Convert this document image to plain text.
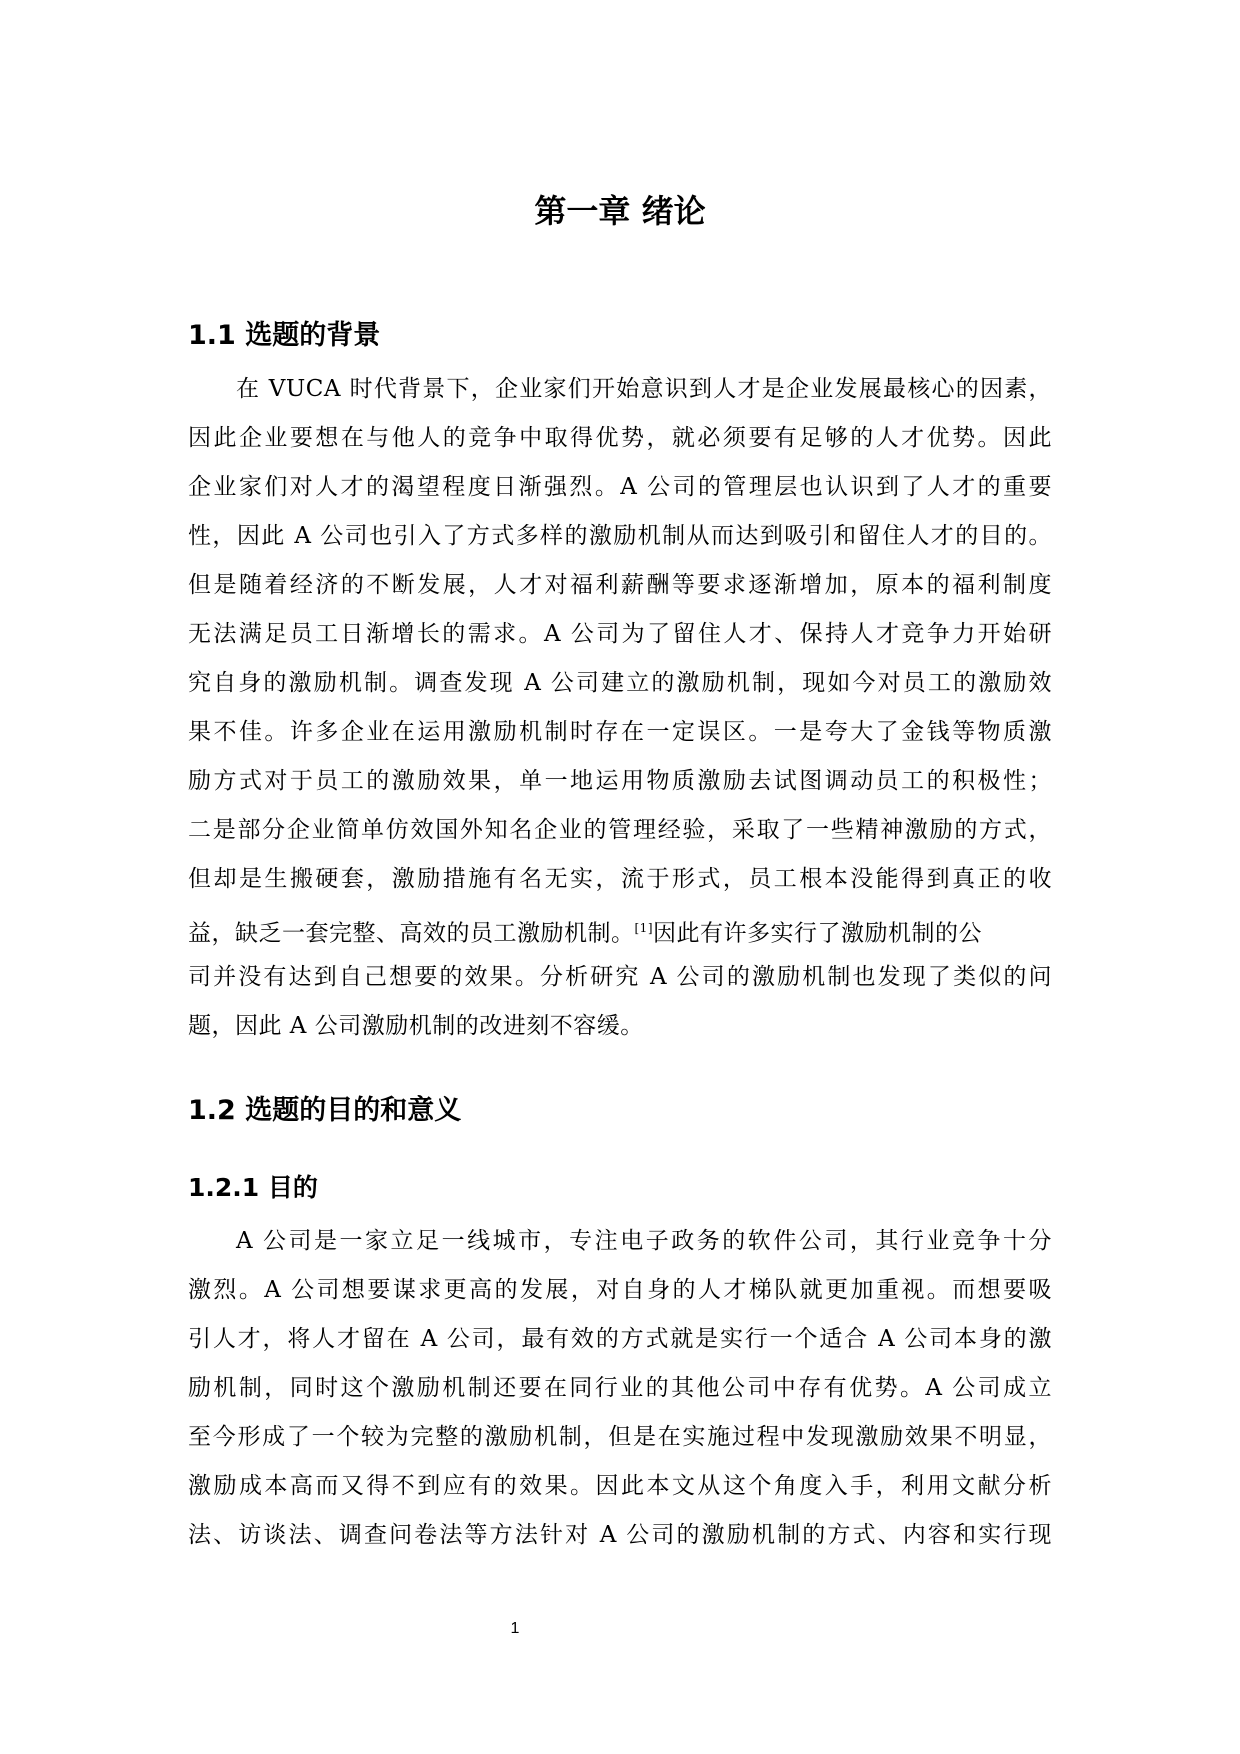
第一章 绪论
1.1 选题的背景
在 VUCA 时代背景下，企业家们开始意识到人才是企业发展最核心的因素，
因此企业要想在与他人的竞争中取得优势，就必须要有足够的人才优势。因此
企业家们对人才的渴望程度日渐强烈。A 公司的管理层也认识到了人才的重要
性，因此 A 公司也引入了方式多样的激励机制从而达到吸引和留住人才的目的。
但是随着经济的不断发展，人才对福利薪酬等要求逐渐增加，原本的福利制度
无法满足员工日渐增长的需求。A 公司为了留住人才、保持人才竞争力开始研
究自身的激励机制。调查发现 A 公司建立的激励机制，现如今对员工的激励效
果不佳。许多企业在运用激励机制时存在一定误区。一是夸大了金钱等物质激
励方式对于员工的激励效果，单一地运用物质激励去试图调动员工的积极性；
二是部分企业简单仿效国外知名企业的管理经验，采取了一些精神激励的方式，
但却是生搬硬套，激励措施有名无实，流于形式，员工根本没能得到真正的收
益，缺乏一套完整、高效的员工激励机制。[1]因此有许多实行了激励机制的公
司并没有达到自己想要的效果。分析研究 A 公司的激励机制也发现了类似的问
题，因此 A 公司激励机制的改进刻不容缓。
1.2 选题的目的和意义
1.2.1 目的
A 公司是一家立足一线城市，专注电子政务的软件公司，其行业竞争十分
激烈。A 公司想要谋求更高的发展，对自身的人才梯队就更加重视。而想要吸
引人才，将人才留在 A 公司，最有效的方式就是实行一个适合 A 公司本身的激
励机制，同时这个激励机制还要在同行业的其他公司中存有优势。A 公司成立
至今形成了一个较为完整的激励机制，但是在实施过程中发现激励效果不明显，
激励成本高而又得不到应有的效果。因此本文从这个角度入手，利用文献分析
法、访谈法、调查问卷法等方法针对 A 公司的激励机制的方式、内容和实行现
1
